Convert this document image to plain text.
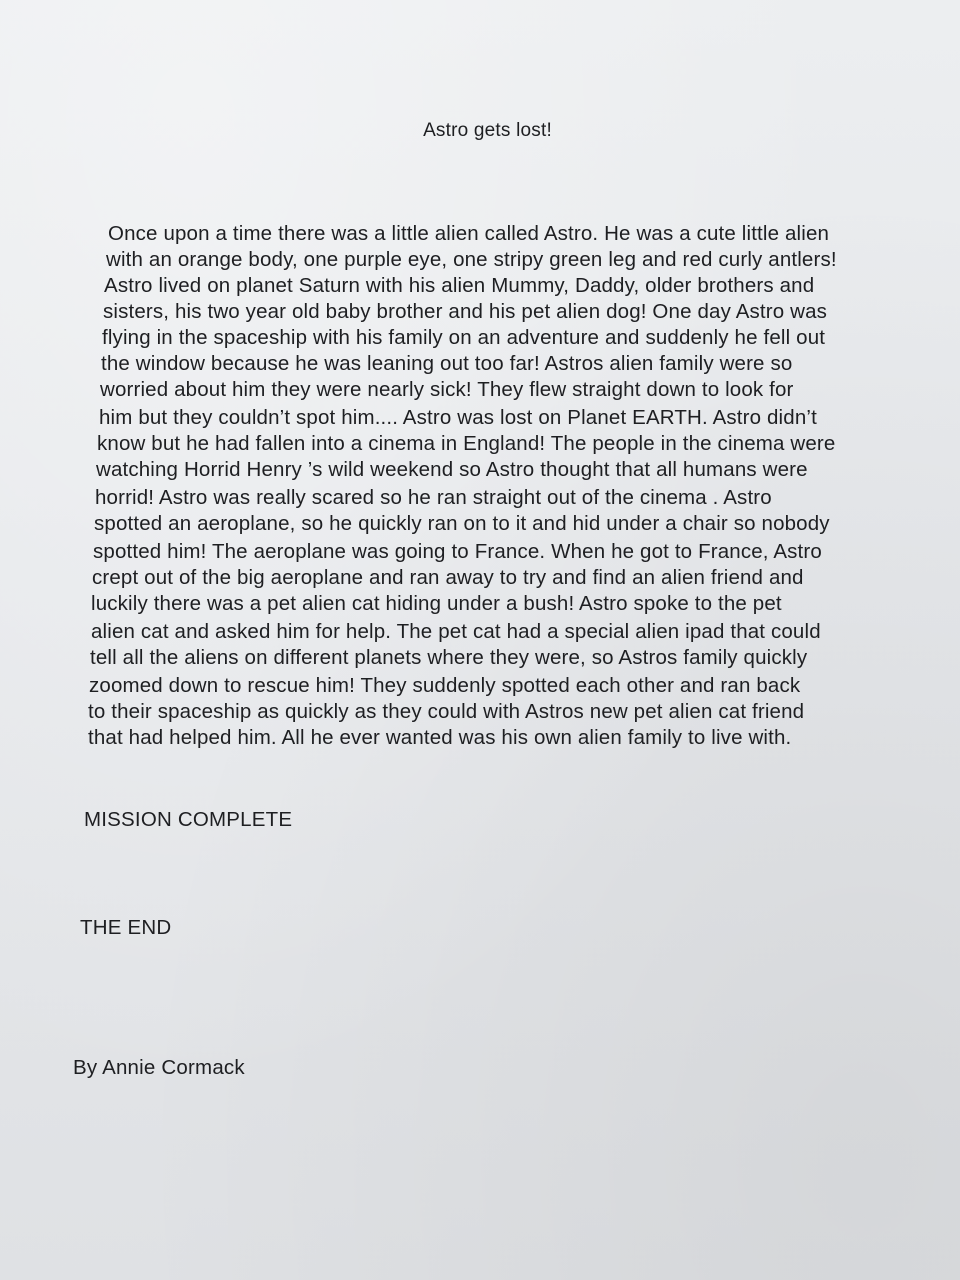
Astro gets lost!
Once upon a time there was a little alien called Astro. He was a cute little alien
with an orange body, one purple eye, one stripy green leg and red curly antlers!
Astro lived on planet Saturn with his alien Mummy, Daddy, older brothers and
sisters, his two year old baby brother and his pet alien dog! One day Astro was
flying in the spaceship with his family on an adventure and suddenly he fell out
the window because he was leaning out too far! Astros alien family were so
worried about him they were nearly sick! They flew straight down to look for
him but they couldn’t spot him.... Astro was lost on Planet EARTH. Astro didn’t
know but he had fallen into a cinema in England! The people in the cinema were
watching Horrid Henry ’s wild weekend so Astro thought that all humans were
horrid! Astro was really scared so he ran straight out of the cinema . Astro
spotted an aeroplane, so he quickly ran on to it and hid under a chair so nobody
spotted him! The aeroplane was going to France. When he got to France, Astro
crept out of the big aeroplane and ran away to try and find an alien friend and
luckily there was a pet alien cat hiding under a bush! Astro spoke to the pet
alien cat and asked him for help. The pet cat had a special alien ipad that could
tell all the aliens on different planets where they were, so Astros family quickly
zoomed down to rescue him! They suddenly spotted each other and ran back
to their spaceship as quickly as they could with Astros new pet alien cat friend
that had helped him. All he ever wanted was his own alien family to live with.
MISSION COMPLETE
THE END
By Annie Cormack
